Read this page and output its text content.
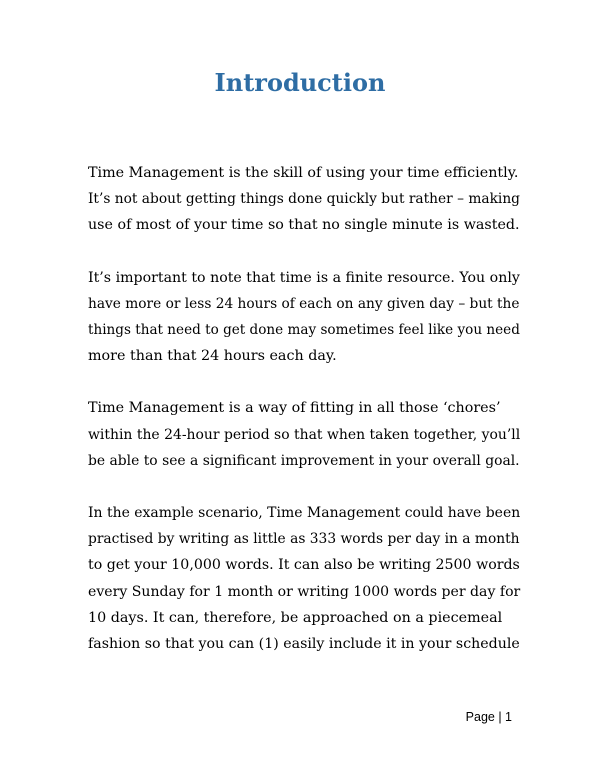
Introduction

Time Management is the skill of using your time efficiently.
It’s not about getting things done quickly but rather – making
use of most of your time so that no single minute is wasted.

It’s important to note that time is a finite resource. You only
have more or less 24 hours of each on any given day – but the
things that need to get done may sometimes feel like you need
more than that 24 hours each day.

Time Management is a way of fitting in all those ‘chores’
within the 24-hour period so that when taken together, you’ll
be able to see a significant improvement in your overall goal.

In the example scenario, Time Management could have been
practised by writing as little as 333 words per day in a month
to get your 10,000 words. It can also be writing 2500 words
every Sunday for 1 month or writing 1000 words per day for
10 days. It can, therefore, be approached on a piecemeal
fashion so that you can (1) easily include it in your schedule

Page | 1
